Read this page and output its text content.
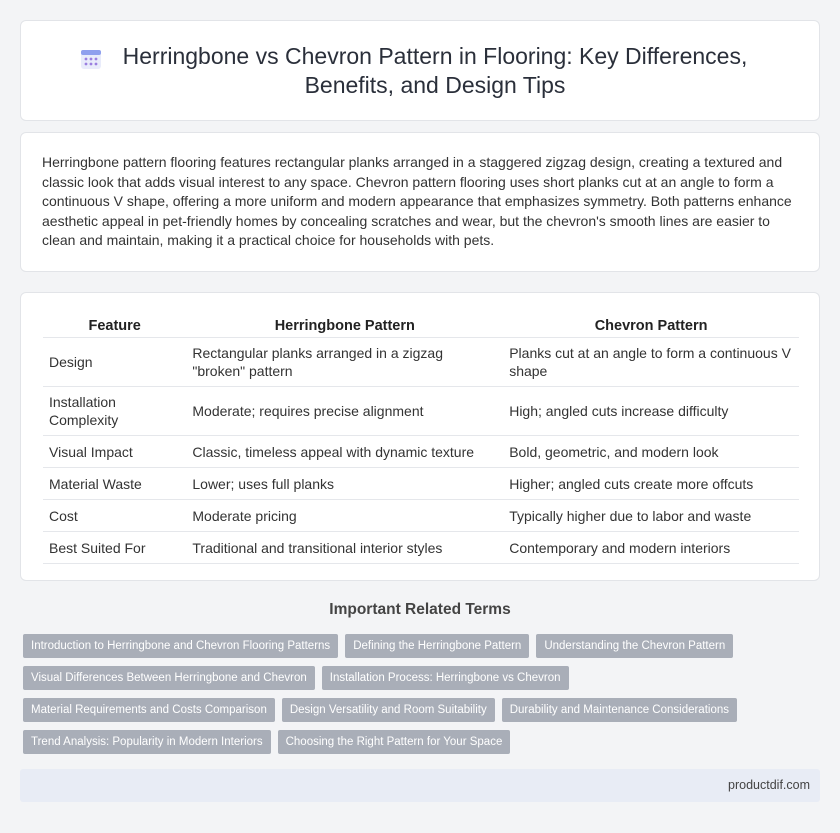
Herringbone vs Chevron Pattern in Flooring: Key Differences, Benefits, and Design Tips

Herringbone pattern flooring features rectangular planks arranged in a staggered zigzag design, creating a textured and classic look that adds visual interest to any space. Chevron pattern flooring uses short planks cut at an angle to form a continuous V shape, offering a more uniform and modern appearance that emphasizes symmetry. Both patterns enhance aesthetic appeal in pet-friendly homes by concealing scratches and wear, but the chevron's smooth lines are easier to clean and maintain, making it a practical choice for households with pets.

Feature	Herringbone Pattern	Chevron Pattern
Design	Rectangular planks arranged in a zigzag "broken" pattern	Planks cut at an angle to form a continuous V shape
Installation Complexity	Moderate; requires precise alignment	High; angled cuts increase difficulty
Visual Impact	Classic, timeless appeal with dynamic texture	Bold, geometric, and modern look
Material Waste	Lower; uses full planks	Higher; angled cuts create more offcuts
Cost	Moderate pricing	Typically higher due to labor and waste
Best Suited For	Traditional and transitional interior styles	Contemporary and modern interiors
Important Related Terms
Introduction to Herringbone and Chevron Flooring Patterns	Defining the Herringbone Pattern	Understanding the Chevron Pattern
Visual Differences Between Herringbone and Chevron	Installation Process: Herringbone vs Chevron
Material Requirements and Costs Comparison	Design Versatility and Room Suitability	Durability and Maintenance Considerations
Trend Analysis: Popularity in Modern Interiors	Choosing the Right Pattern for Your Space
productdif.com
